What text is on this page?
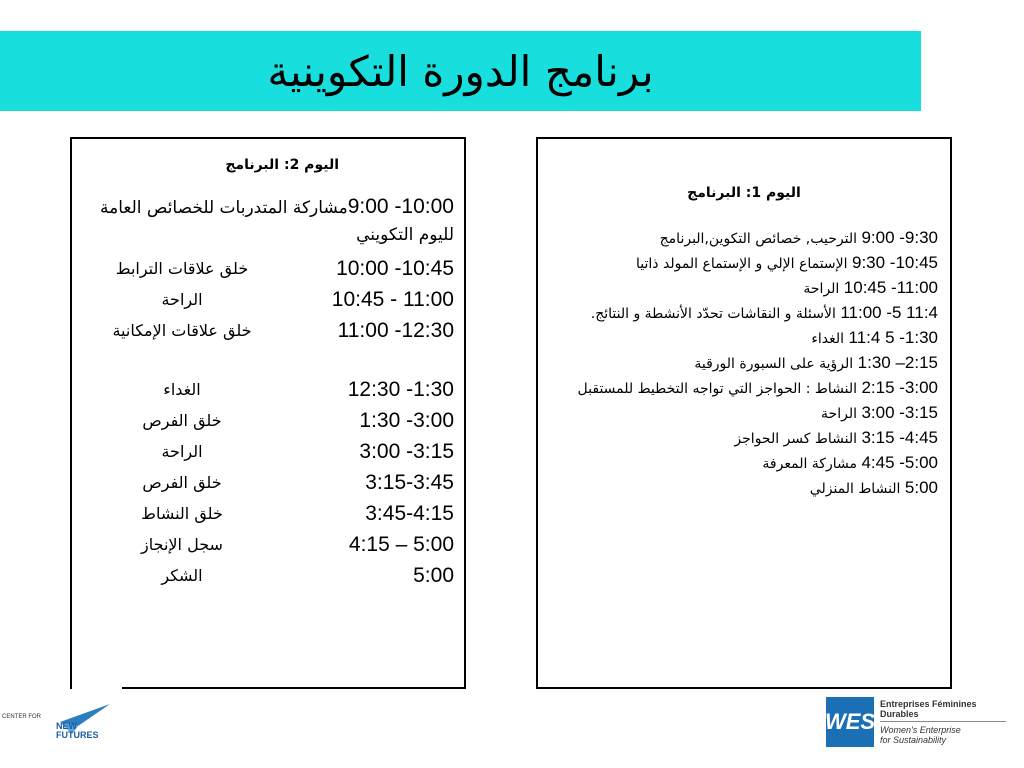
برنامج الدورة التكوينية
اليوم 2: البرنامج
9:00 -10:00مشاركة المتدربات للخصائص العامة لليوم التكويني
10:00 -10:45
خلق علاقات الترابط
10:45 - 11:00
الراحة
11:00 -12:30
خلق علاقات الإمكانية
12:30 -1:30
الغداء
1:30 -3:00
خلق الفرص
3:00 -3:15
الراحة
3:15-3:45
خلق الفرص
3:45-4:15
خلق النشاط
4:15 – 5:00
سجل الإنجاز
5:00
الشكر
اليوم 1: البرنامج
9:00 -9:30 الترحيب, خصائص التكوين,البرنامج
9:30 -10:45 الإستماع الإلي و الإستماع المولد ذاتيا
10:45 -11:00 الراحة
11:00 -5 11:4 الأسئلة و النقاشات تحدّد الأنشطة و النتائج.
11:4 5 -1:30 الغداء
1:30 –2:15 الرؤية على السبورة الورقية
2:15 -3:00 النشاط : الحواجز التي تواجه التخطيط للمستقبل
3:00 -3:15 الراحة
3:15 -4:45 النشاط كسر الحواجز
4:45 -5:00 مشاركة المعرفة
5:00 النشاط المنزلي
CENTER FOR
NEW
FUTURES
WES
Entreprises Féminines
Durables
Women's Enterprise
for Sustainability
